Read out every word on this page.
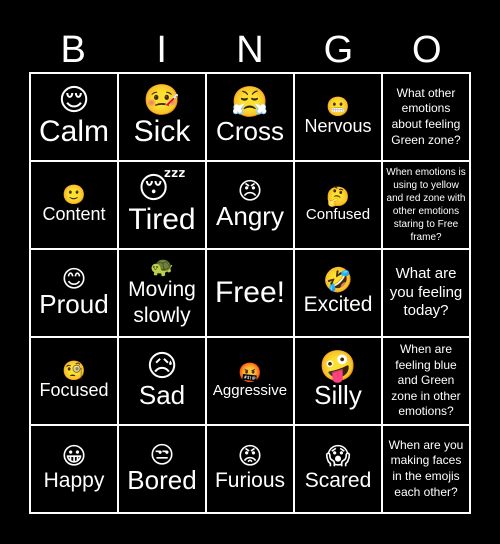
B	I	N	G	O
😌
Calm
🤒
Sick
😤
Cross
😬
Nervous
What other emotions about feeling Green zone?
🙂
Content
😴
Tired
😠
Angry
🤔
Confused
When emotions is using to yellow and red zone with other emotions staring to Free frame?
😊
Proud
🐢
Moving slowly
Free! 🤣
Excited
What are you feeling today?
🧐
Focused
😥
Sad
🤬
Aggressive
🤪
Silly
When are feeling blue and Green zone in other emotions?
😀
Happy
😒
Bored
😡
Furious
😱
Scared
When are you making faces in the emojis each other?
